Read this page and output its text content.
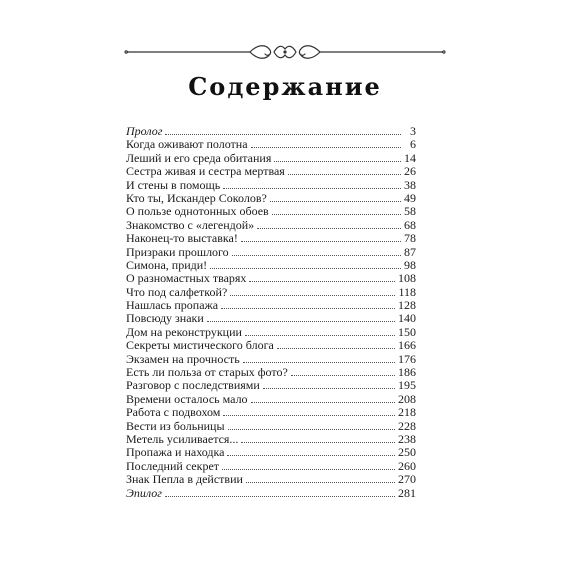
Содержание
Пролог	3
Когда оживают полотна	6
Леший и его среда обитания	14
Сестра живая и сестра мертвая	26
И стены в помощь	38
Кто ты, Искандер Соколов?	49
О пользе однотонных обоев	58
Знакомство с «легендой»	68
Наконец-то выставка!	78
Призраки прошлого	87
Симона, приди!	98
О разномастных тварях	108
Что под салфеткой?	118
Нашлась пропажа	128
Повсюду знаки	140
Дом на реконструкции	150
Секреты мистического блога	166
Экзамен на прочность	176
Есть ли польза от старых фото?	186
Разговор с последствиями	195
Времени осталось мало	208
Работа с подвохом	218
Вести из больницы	228
Метель усиливается...	238
Пропажа и находка	250
Последний секрет	260
Знак Пепла в действии	270
Эпилог	281
